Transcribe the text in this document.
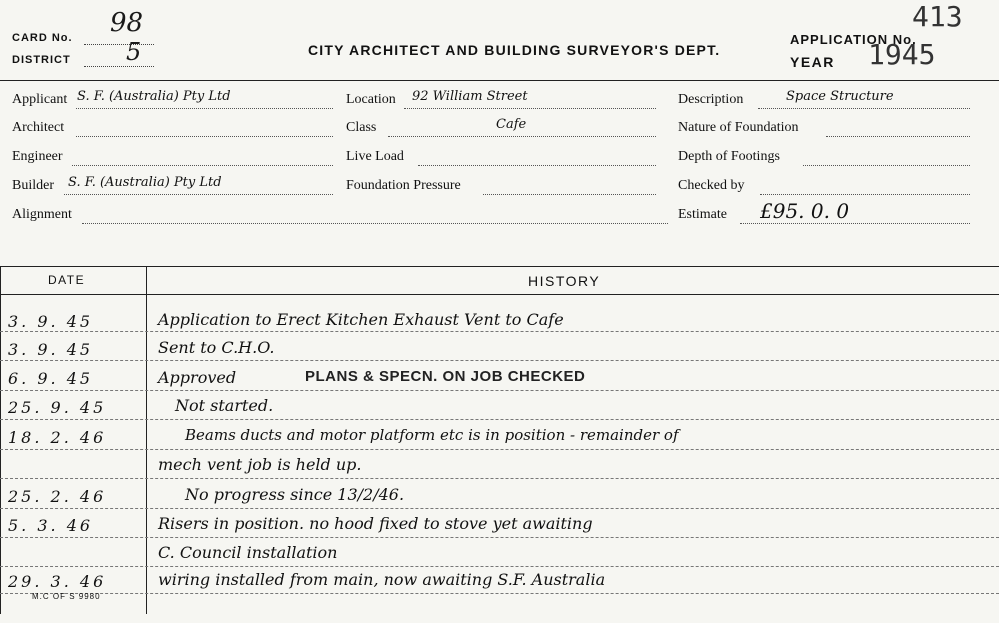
CARD No. 98
DISTRICT 5	CITY ARCHITECT AND BUILDING SURVEYOR'S DEPT.
APPLICATION No.
413
YEAR 1945
Applicant S. F. (Australia) Pty Ltd
Architect
Engineer
Builder S. F. (Australia) Pty Ltd
Alignment
Location 92 William Street
Class	Cafe
Live Load
Foundation Pressure
Description	Space Structure
Nature of Foundation
Depth of Footings
Checked by
Estimate £95. 0. 0
DATE	HISTORY
3. 9. 45	Application to Erect Kitchen Exhaust Vent to Cafe
3. 9. 45	Sent to C.H.O.
6. 9. 45	Approved	PLANS & SPECN. ON JOB CHECKED
25. 9. 45	Not started.
18. 2. 46	Beams ducts and motor platform etc is in position - remainder of
mech vent job is held up.
25. 2. 46	No progress since 13/2/46.
5. 3. 46	Risers in position. no hood fixed to stove yet awaiting
C. Council installation
29. 3. 46	wiring installed from main, now awaiting S.F. Australia
M.C OF S 9980
